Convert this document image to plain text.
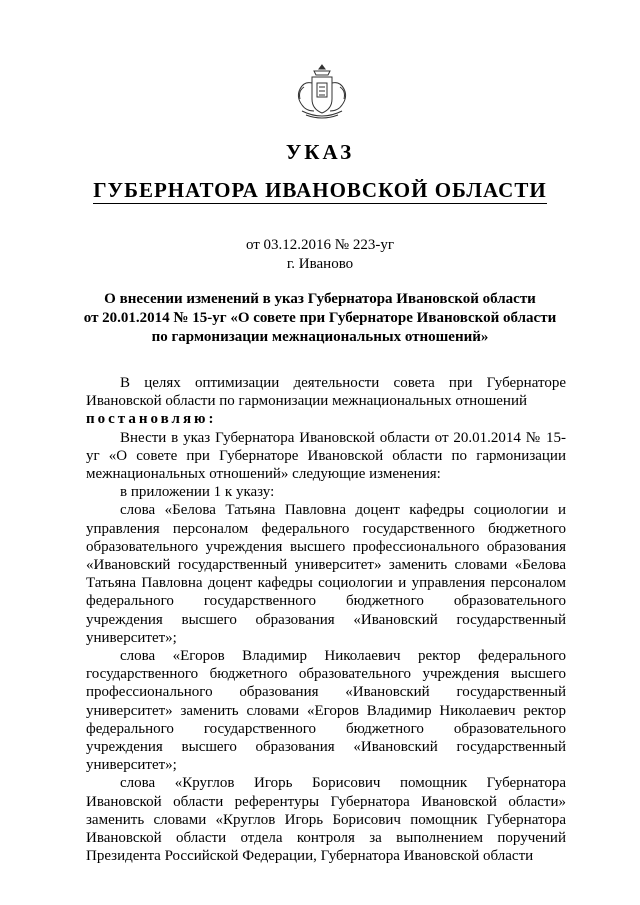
УКАЗ
ГУБЕРНАТОРА ИВАНОВСКОЙ ОБЛАСТИ
от 03.12.2016 № 223-уг
г. Иваново
О внесении изменений в указ Губернатора Ивановской области
от 20.01.2014 № 15-уг «О совете при Губернаторе Ивановской области
по гармонизации межнациональных отношений»

В целях оптимизации деятельности совета при Губернаторе Ивановской области по гармонизации межнациональных отношений

постановляю:

Внести в указ Губернатора Ивановской области от 20.01.2014 № 15-уг «О совете при Губернаторе Ивановской области по гармонизации межнациональных отношений» следующие изменения:

в приложении 1 к указу:

слова «Белова Татьяна Павловна доцент кафедры социологии и управления персоналом федерального государственного бюджетного образовательного учреждения высшего профессионального образования «Ивановский государственный университет» заменить словами «Белова Татьяна Павловна доцент кафедры социологии и управления персоналом федерального государственного бюджетного образовательного учреждения высшего образования «Ивановский государственный университет»;

слова «Егоров Владимир Николаевич ректор федерального государственного бюджетного образовательного учреждения высшего профессионального образования «Ивановский государственный университет» заменить словами «Егоров Владимир Николаевич ректор федерального государственного бюджетного образовательного учреждения высшего образования «Ивановский государственный университет»;

слова «Круглов Игорь Борисович помощник Губернатора Ивановской области референтуры Губернатора Ивановской области» заменить словами «Круглов Игорь Борисович помощник Губернатора Ивановской области отдела контроля за выполнением поручений Президента Российской Федерации, Губернатора Ивановской области
